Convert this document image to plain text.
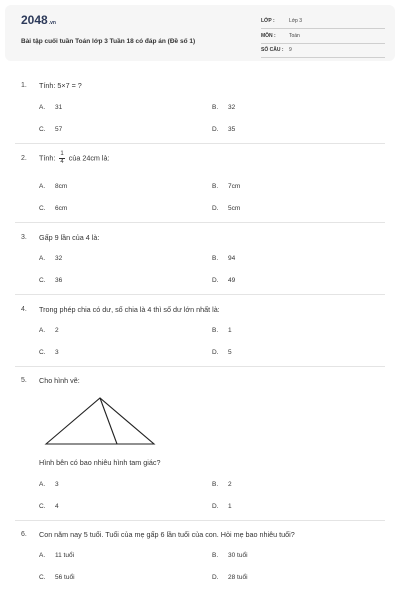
2048.vn
Bài tập cuối tuần Toán lớp 3 Tuần 18 có đáp án (Đề số 1)
LỚP :	Lớp 3
MÔN :	Toán
SỐ CÂU : 9
1. Tính: 5×7 = ?
A. 31	B. 32
C. 57	D. 35
2. Tính: $\frac{1}{4}$ của 24cm là:
A. 8cm	B. 7cm
C. 6cm	D. 5cm
3. Gấp 9 lần của 4 là:
A. 32	B. 94
C. 36	D. 49
4. Trong phép chia có dư, số chia là 4 thì số dư lớn nhất là:
A. 2	B. 1
C. 3	D. 5
5. Cho hình vẽ:
Hình bên có bao nhiêu hình tam giác?
A. 3	B. 2
C. 4	D. 1
6. Con năm nay 5 tuổi. Tuổi của mẹ gấp 6 lần tuổi của con. Hỏi mẹ bao nhiêu tuổi?
A. 11 tuổi	B. 30 tuổi
C. 56 tuổi	D. 28 tuổi
